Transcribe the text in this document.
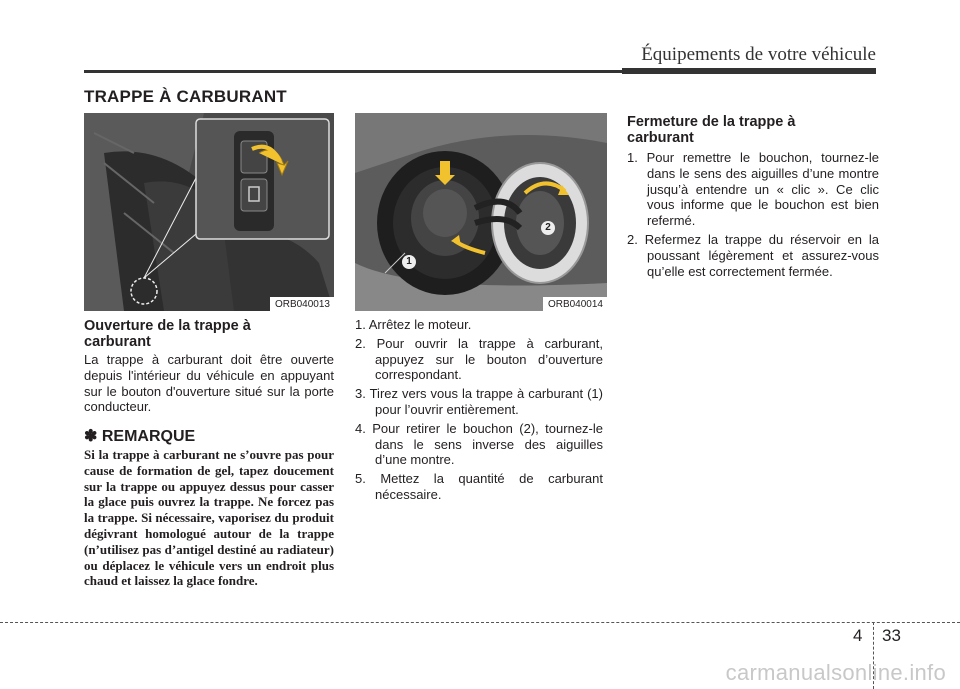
Équipements de votre véhicule
TRAPPE À CARBURANT
ORB040013
1
2
ORB040014
Ouverture de la trappe à
carburant
La trappe à carburant doit être ouverte depuis l'intérieur du véhicule en appuyant sur le bouton d'ouverture situé sur la porte conducteur.
✽ REMARQUE
Si la trappe à carburant ne s’ouvre pas pour cause de formation de gel, tapez doucement sur la trappe ou appuyez dessus pour casser la glace puis ouvrez la trappe. Ne forcez pas la trappe. Si nécessaire, vaporisez du produit dégivrant homologué autour de la trappe (n’utilisez pas d’antigel destiné au radiateur) ou déplacez le véhicule vers un endroit plus chaud et laissez la glace fondre.
1. Arrêtez le moteur.
2. Pour ouvrir la trappe à carburant, appuyez sur le bouton d’ouverture correspondant.
3. Tirez vers vous la trappe à carburant (1) pour l’ouvrir entièrement.
4. Pour retirer le bouchon (2), tournez-le dans le sens inverse des aiguilles d’une montre.
5. Mettez la quantité de carburant nécessaire.
Fermeture de la trappe à
carburant
1. Pour remettre le bouchon, tournez-le dans le sens des aiguilles d’une montre jusqu’à entendre un « clic ». Ce clic vous informe que le bouchon est bien refermé.
2. Refermez la trappe du réservoir en la poussant légèrement et assurez-vous qu’elle est correctement fermée.
4 33
carmanualsonline.info
